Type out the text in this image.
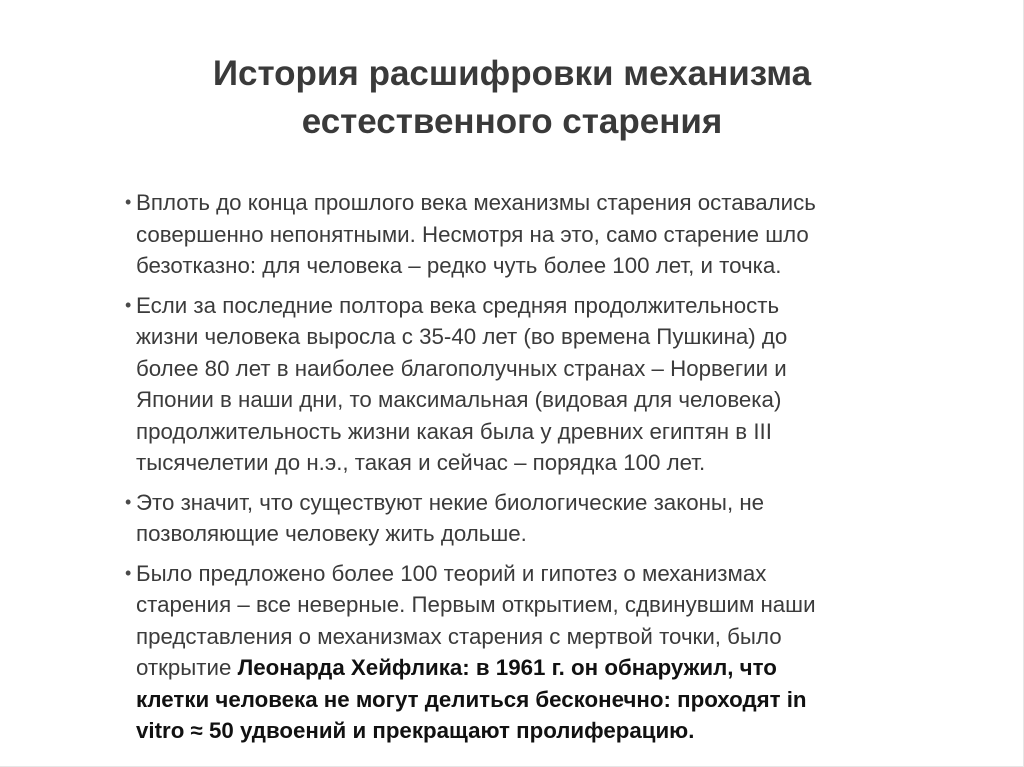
История расшифровки механизма
естественного старения
•
Вплоть до конца прошлого века механизмы старения оставались
совершенно непонятными. Несмотря на это, само старение шло
безотказно: для человека – редко чуть более 100 лет, и точка.
•
Если за последние полтора века средняя продолжительность
жизни человека выросла с 35-40 лет (во времена Пушкина) до
более 80 лет в наиболее благополучных странах – Норвегии и
Японии в наши дни, то максимальная (видовая для человека)
продолжительность жизни какая была у древних египтян в III
тысячелетии до н.э., такая и сейчас – порядка 100 лет.
•
Это значит, что существуют некие биологические законы, не
позволяющие человеку жить дольше.
•
Было предложено более 100 теорий и гипотез о механизмах
старения – все неверные. Первым открытием, сдвинувшим наши
представления о механизмах старения с мертвой точки, было
открытие Леонарда Хейфлика: в 1961 г. он обнаружил, что
клетки человека не могут делиться бесконечно: проходят in
vitro ≈ 50 удвоений и прекращают пролиферацию.
